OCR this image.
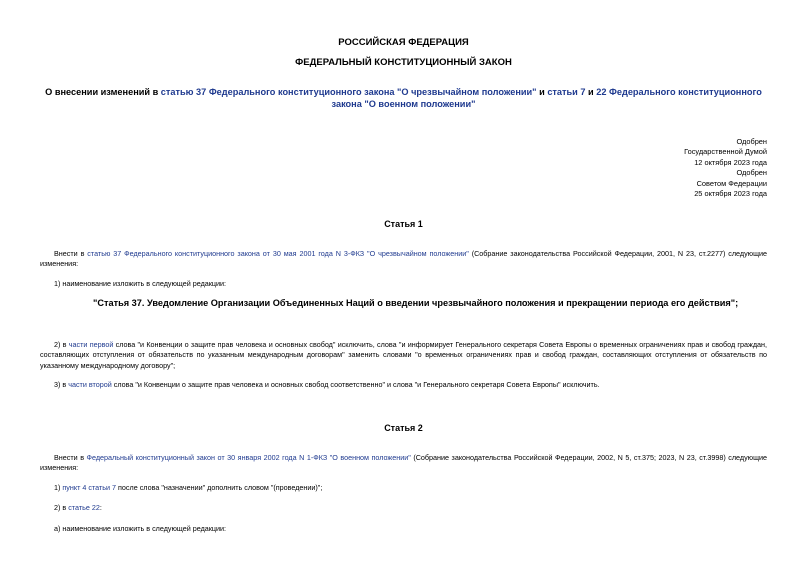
РОССИЙСКАЯ ФЕДЕРАЦИЯ
ФЕДЕРАЛЬНЫЙ КОНСТИТУЦИОННЫЙ ЗАКОН
О внесении изменений в статью 37 Федерального конституционного закона "О чрезвычайном положении" и статьи 7 и 22 Федерального конституционного закона "О военном положении"
Одобрен
Государственной Думой
12 октября 2023 года
Одобрен
Советом Федерации
25 октября 2023 года
Статья 1
Внести в статью 37 Федерального конституционного закона от 30 мая 2001 года N 3-ФКЗ "О чрезвычайном положении" (Собрание законодательства Российской Федерации, 2001, N 23, ст.2277) следующие изменения:
1) наименование изложить в следующей редакции:
"Статья 37. Уведомление Организации Объединенных Наций о введении чрезвычайного положения и прекращении периода его действия";
2) в части первой слова "и Конвенции о защите прав человека и основных свобод" исключить, слова "и информирует Генерального секретаря Совета Европы о временных ограничениях прав и свобод граждан, составляющих отступления от обязательств по указанным международным договорам" заменить словами "о временных ограничениях прав и свобод граждан, составляющих отступления от обязательств по указанному международному договору";
3) в части второй слова "и Конвенции о защите прав человека и основных свобод соответственно" и слова "и Генерального секретаря Совета Европы" исключить.
Статья 2
Внести в Федеральный конституционный закон от 30 января 2002 года N 1-ФКЗ "О военном положении" (Собрание законодательства Российской Федерации, 2002, N 5, ст.375; 2023, N 23, ст.3998) следующие изменения:
1) пункт 4 статьи 7 после слова "назначении" дополнить словом "(проведении)";
2) в статье 22:
а) наименование изложить в следующей редакции:
